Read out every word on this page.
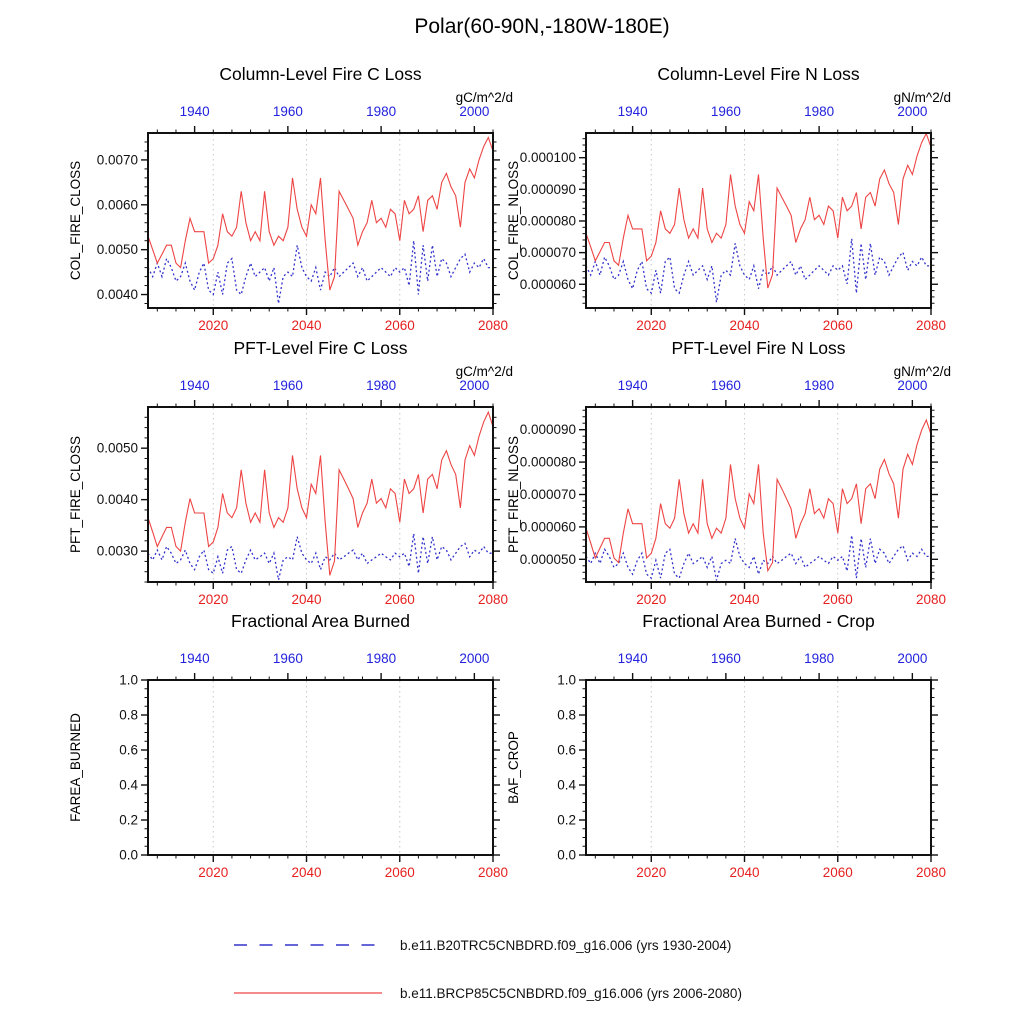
Polar(60-90N,-180W-180E)
1940	1960	1980	2000
2020	2040	2060	2080
0.0040
0.0050
0.0060
0.0070
Column-Level Fire C Loss
gC/m^2/d
COL_FIRE_CLOSS
1940	1960	1980	2000
2020	2040	2060	2080
0.000060
0.000070
0.000080
0.000090
0.000100
Column-Level Fire N Loss
gN/m^2/d
COL_FIRE_NLOSS
1940	1960	1980	2000
2020	2040	2060	2080
0.0030
0.0040
0.0050
PFT-Level Fire C Loss
gC/m^2/d
PFT_FIRE_CLOSS
1940	1960	1980	2000
2020	2040	2060	2080
0.000050
0.000060
0.000070
0.000080
0.000090
PFT-Level Fire N Loss
gN/m^2/d
PFT_FIRE_NLOSS
1940	1960	1980	2000
2020	2040	2060	2080
0.0
0.2
0.4
0.6
0.8
1.0
Fractional Area Burned
FAREA_BURNED
1940	1960	1980	2000
2020	2040	2060	2080
0.0
0.2
0.4
0.6
0.8
1.0
Fractional Area Burned - Crop
BAF_CROP
b.e11.B20TRC5CNBDRD.f09_g16.006 (yrs 1930-2004)
b.e11.BRCP85C5CNBDRD.f09_g16.006 (yrs 2006-2080)
